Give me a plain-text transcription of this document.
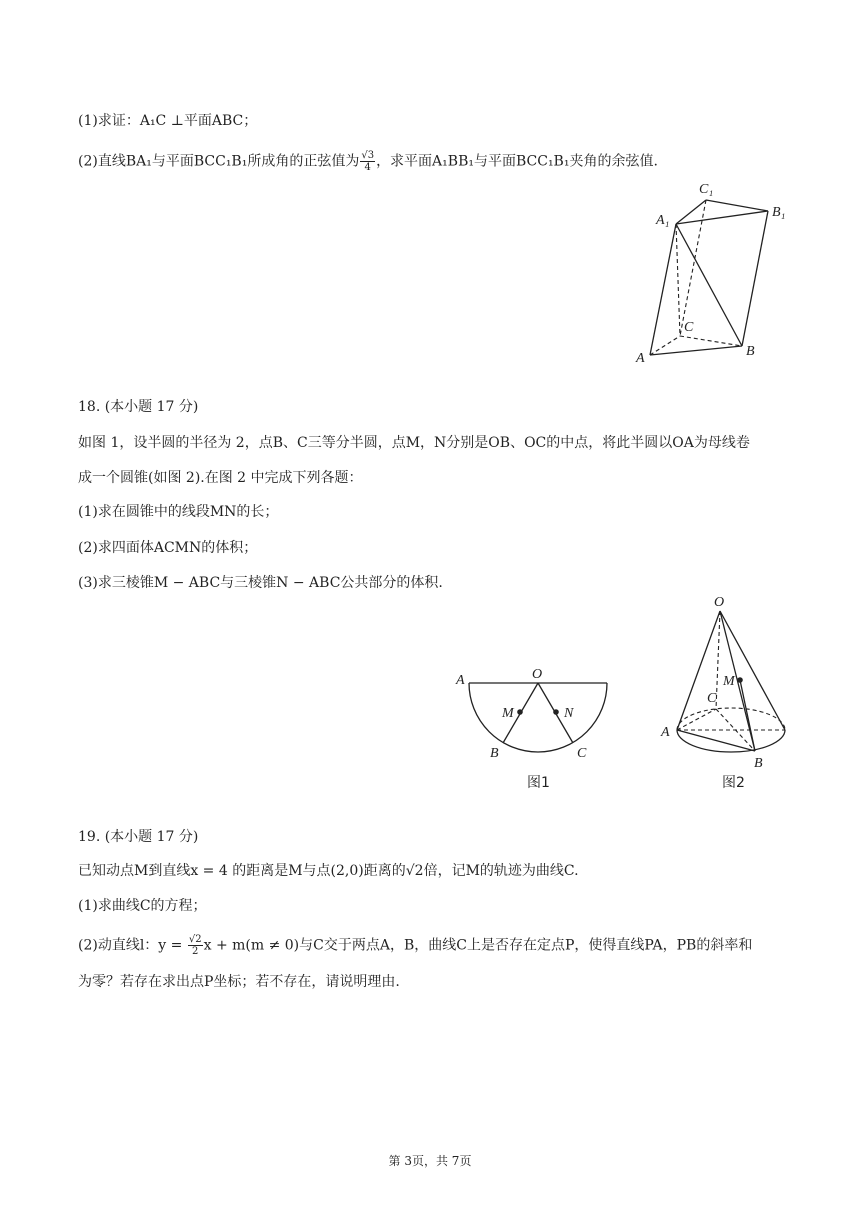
(1)求证：A₁C ⊥平面ABC；
(2)直线BA₁与平面BCC₁B₁所成角的正弦值为 $\frac{√3}{4}$ ，求平面A₁BB₁与平面BCC₁B₁夹角的余弦值.
C₁
A₁
B₁
C
A	B
18. (本小题 17 分)
如图 1，设半圆的半径为 2，点B、C三等分半圆，点M，N分别是OB、OC的中点，将此半圆以OA为母线卷
成一个圆锥(如图 2).在图 2 中完成下列各题：
(1)求在圆锥中的线段MN的长；
(2)求四面体ACMN的体积；
(3)求三棱锥M − ABC与三棱锥N − ABC公共部分的体积.
A	O
M	N
B	C
图1
O
M
C
A
B
图2
19. (本小题 17 分)
已知动点M到直线x = 4 的距离是M与点(2,0)距离的√2倍，记M的轨迹为曲线C.
(1)求曲线C的方程；
(2)动直线l：$y = \frac{√2}{2}$ x + m(m ≠ 0)与C交于两点A，B，曲线C上是否存在定点P，使得直线PA，PB的斜率和
为零？若存在求出点P坐标；若不存在，请说明理由.
第 3页，共 7页
